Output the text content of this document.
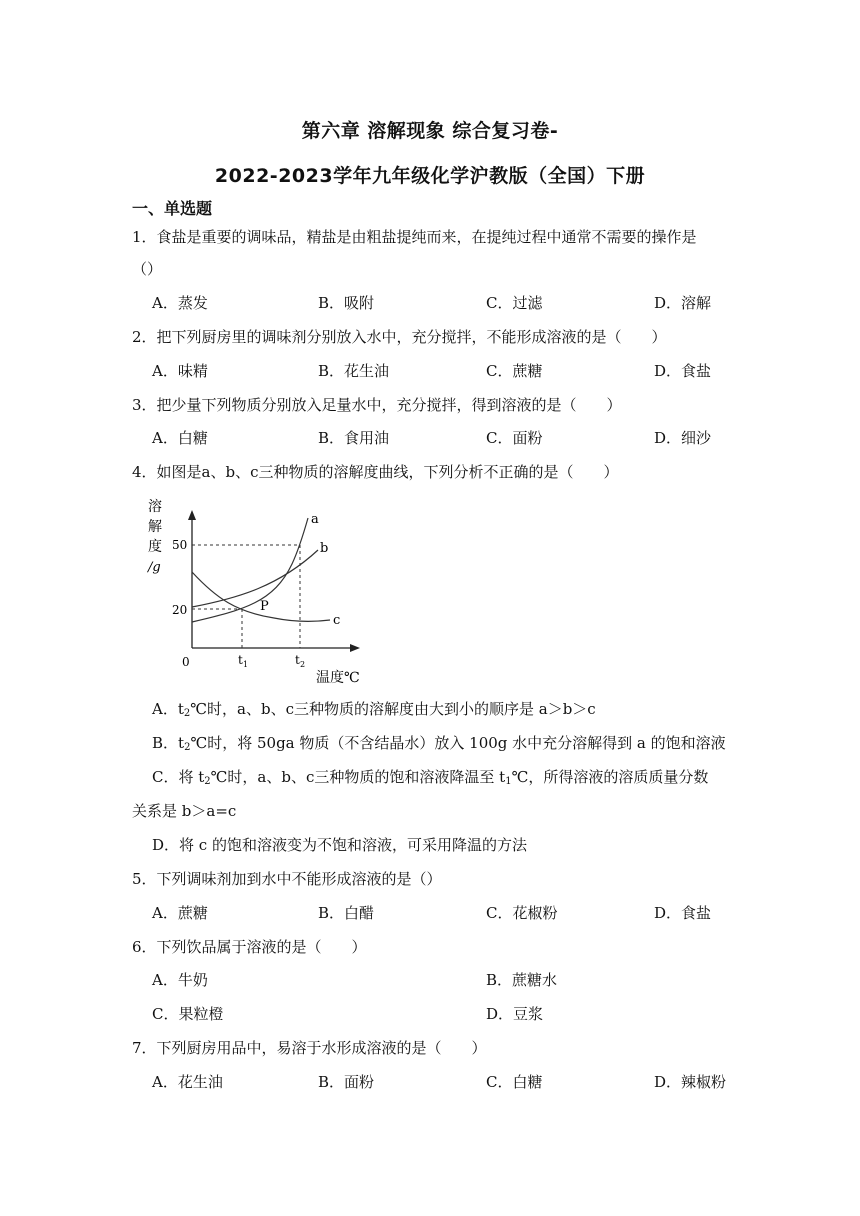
第六章 溶解现象 综合复习卷-
2022-2023学年九年级化学沪教版（全国）下册
一、单选题
1．食盐是重要的调味品，精盐是由粗盐提纯而来，在提纯过程中通常不需要的操作是
（）
A．蒸发	B．吸附	C．过滤	D．溶解
2．把下列厨房里的调味剂分别放入水中，充分搅拌，不能形成溶液的是（　　）
A．味精	B．花生油	C．蔗糖	D．食盐
3．把少量下列物质分别放入足量水中，充分搅拌，得到溶液的是（　　）
A．白糖	B．食用油	C．面粉	D．细沙
4．如图是a、b、c三种物质的溶解度曲线，下列分析不正确的是（　　）
溶
解
度
/g
50
20
0	t 1	t 2
a
b
c
P
温度℃
A．$t_2℃$时，a、b、c三种物质的溶解度由大到小的顺序是 a＞b＞c
B．$t_2℃$时，将 50ga 物质（不含结晶水）放入 100g 水中充分溶解得到 a 的饱和溶液
C．将 $t_2℃$时，a、b、c三种物质的饱和溶液降温至 $t_1℃$，所得溶液的溶质质量分数
关系是 b＞a=c
D．将 c 的饱和溶液变为不饱和溶液，可采用降温的方法
5．下列调味剂加到水中不能形成溶液的是（）
A．蔗糖	B．白醋	C．花椒粉	D．食盐
6．下列饮品属于溶液的是（　　）
A．牛奶	B．蔗糖水
C．果粒橙	D．豆浆
7．下列厨房用品中，易溶于水形成溶液的是（　　）
A．花生油	B．面粉	C．白糖	D．辣椒粉
